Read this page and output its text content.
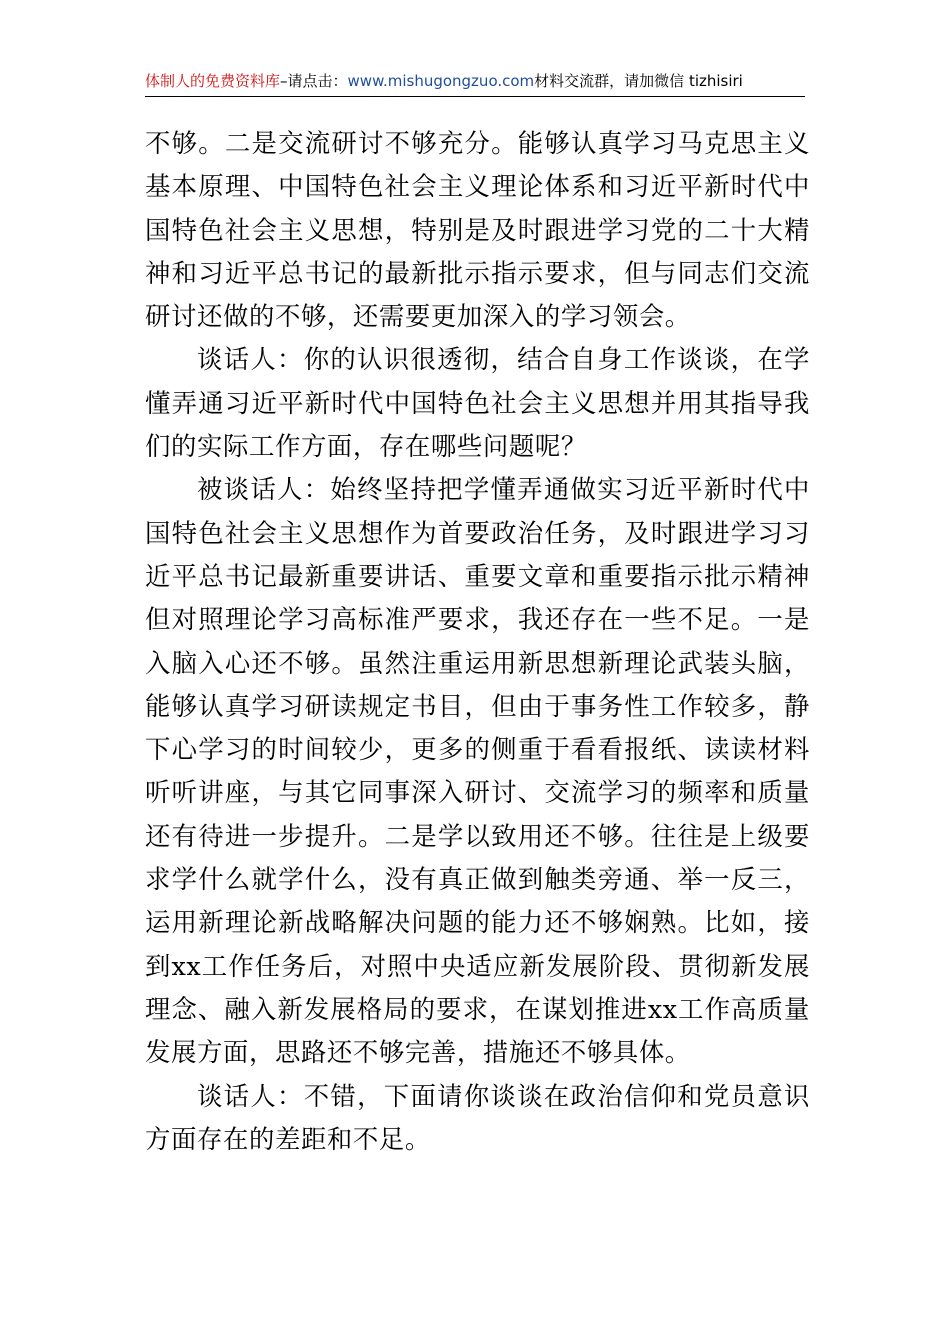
体制人的免费资料库 –请点击： www.mishugongzuo.com 材料交流群，请加微信 tizhisiri

不够。二是交流研讨不够充分。能够认真学习马克思主义基本原理、中国特色社会主义理论体系和习近平新时代中国特色社会主义思想，特别是及时跟进学习党的二十大精神和习近平总书记的最新批示指示要求，但与同志们交流研讨还做的不够，还需要更加深入的学习领会。

谈话人：你的认识很透彻，结合自身工作谈谈，在学懂弄通习近平新时代中国特色社会主义思想并用其指导我们的实际工作方面，存在哪些问题呢？

被谈话人：始终坚持把学懂弄通做实习近平新时代中国特色社会主义思想作为首要政治任务，及时跟进学习习近平总书记最新重要讲话、重要文章和重要指示批示精神但对照理论学习高标准严要求，我还存在一些不足。一是入脑入心还不够。虽然注重运用新思想新理论武装头脑，能够认真学习研读规定书目，但由于事务性工作较多，静下心学习的时间较少，更多的侧重于看看报纸、读读材料听听讲座，与其它同事深入研讨、交流学习的频率和质量还有待进一步提升。二是学以致用还不够。往往是上级要求学什么就学什么，没有真正做到触类旁通、举一反三，运用新理论新战略解决问题的能力还不够娴熟。比如，接到xx工作任务后，对照中央适应新发展阶段、贯彻新发展理念、融入新发展格局的要求，在谋划推进xx工作高质量发展方面，思路还不够完善，措施还不够具体。

谈话人：不错，下面请你谈谈在政治信仰和党员意识方面存在的差距和不足。
